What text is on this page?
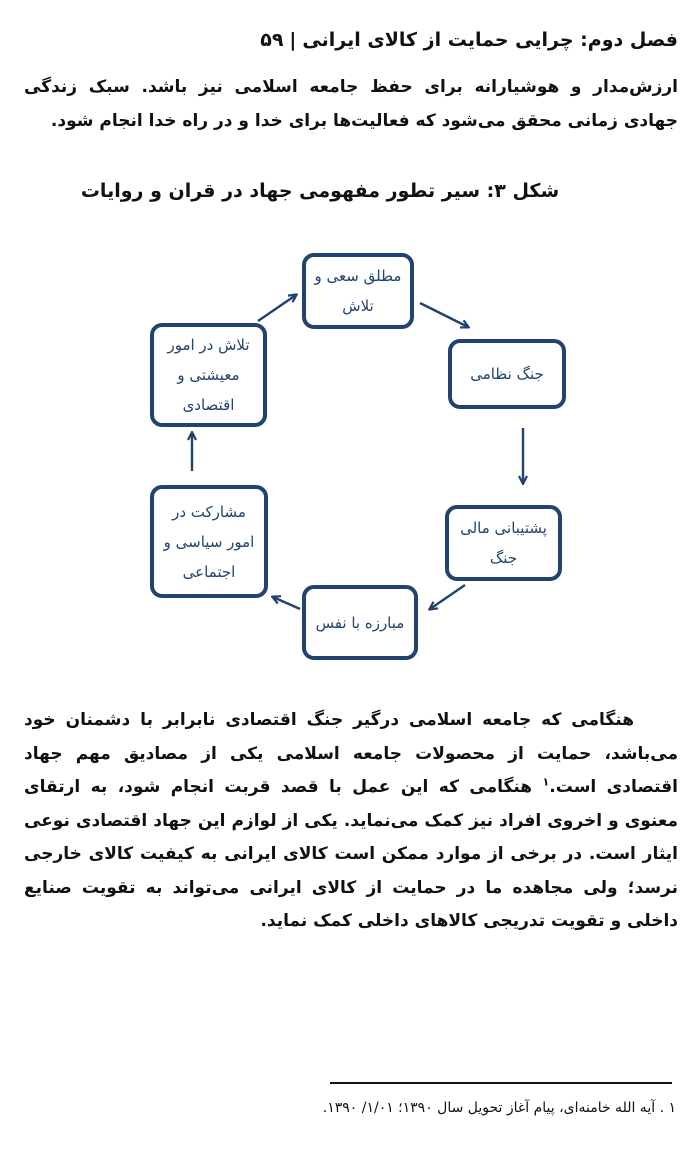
فصل دوم: چرایی حمایت از کالای ایرانی|۵۹
ارزش‌مدار و هوشیارانه برای حفظ جامعه اسلامی نیز باشد. سبک زندگی جهادی زمانی محقق می‌شود که فعالیت‌ها برای خدا و در راه خدا انجام شود.
شکل ۳: سیر تطور مفهومی جهاد در قران و روایات
مطلق سعی و تلاش
جنگ نظامی
پشتیبانی مالی جنگ
مبارزه با نفس
مشارکت در امور سیاسی و اجتماعی
تلاش در امور معیشتی و اقتصادی
هنگامی که جامعه اسلامی درگیر جنگ اقتصادی نابرابر با دشمنان خود می‌باشد، حمایت از محصولات جامعه اسلامی یکی از مصادیق مهم جهاد اقتصادی است.$^۱$ هنگامی که این عمل با قصد قربت انجام شود، به ارتقای معنوی و اخروی افراد نیز کمک می‌نماید. یکی از لوازم این جهاد اقتصادی نوعی ایثار است. در برخی از موارد ممکن است کالای ایرانی به کیفیت کالای خارجی نرسد؛ ولی مجاهده ما در حمایت از کالای ایرانی می‌تواند به تقویت صنایع داخلی و تقویت تدریجی کالاهای داخلی کمک نماید.
۱ . آیه الله خامنه‌ای، پیام آغاز تحویل سال ۱۳۹۰؛ ۱/۰۱/ ۱۳۹۰.
